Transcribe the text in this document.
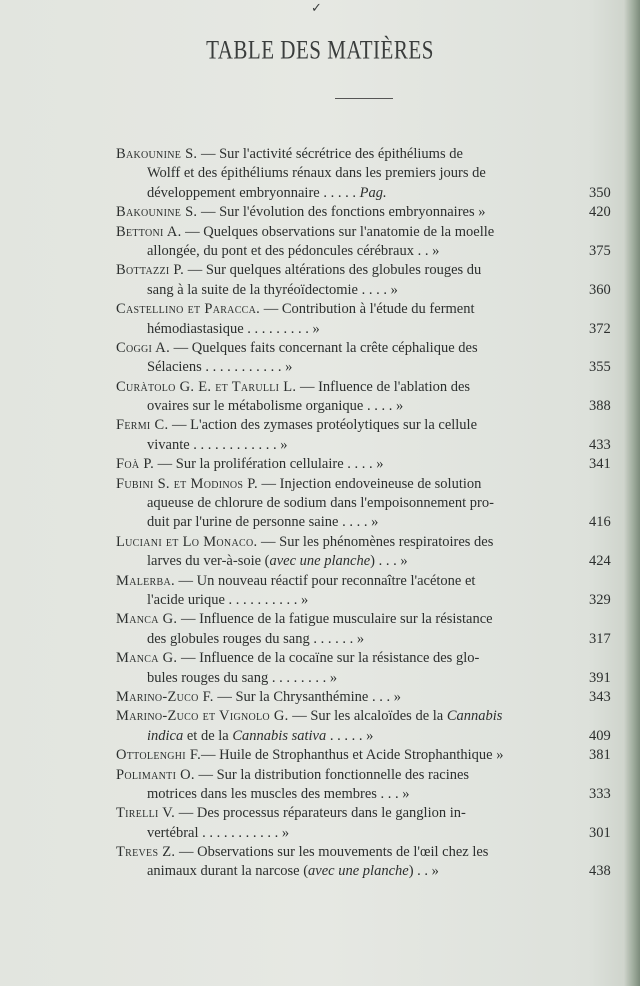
✓
TABLE DES MATIÈRES
Bakounine S. — Sur l'activité sécrétrice des épithéliums de
Wolff et des épithéliums rénaux dans les premiers jours de
développement embryonnaire . . . . . Pag.	350
Bakounine S. — Sur l'évolution des fonctions embryonnaires »	420
Bettoni A. — Quelques observations sur l'anatomie de la moelle
allongée, du pont et des pédoncules cérébraux . . »	375
Bottazzi P. — Sur quelques altérations des globules rouges du
sang à la suite de la thyréoïdectomie . . . . »	360
Castellino et Paracca. — Contribution à l'étude du ferment
hémodiastasique . . . . . . . . . »	372
Coggi A. — Quelques faits concernant la crête céphalique des
Sélaciens . . . . . . . . . . . »	355
Curàtolo G. E. et Tarulli L. — Influence de l'ablation des
ovaires sur le métabolisme organique . . . . »	388
Fermi C. — L'action des zymases protéolytiques sur la cellule
vivante . . . . . . . . . . . . »	433
Foà P. — Sur la prolifération cellulaire . . . . »	341
Fubini S. et Modinos P. — Injection endoveineuse de solution
aqueuse de chlorure de sodium dans l'empoisonnement pro-
duit par l'urine de personne saine . . . . »	416
Luciani et Lo Monaco. — Sur les phénomènes respiratoires des
larves du ver-à-soie (avec une planche) . . . »	424
Malerba. — Un nouveau réactif pour reconnaître l'acétone et
l'acide urique . . . . . . . . . . »	329
Manca G. — Influence de la fatigue musculaire sur la résistance
des globules rouges du sang . . . . . . »	317
Manca G. — Influence de la cocaïne sur la résistance des glo-
bules rouges du sang . . . . . . . . »	391
Marino-Zuco F. — Sur la Chrysanthémine . . . »	343
Marino-Zuco et Vignolo G. — Sur les alcaloïdes de la Cannabis
indica et de la Cannabis sativa . . . . . »	409
Ottolenghi F.— Huile de Strophanthus et Acide Strophanthique »	381
Polimanti O. — Sur la distribution fonctionnelle des racines
motrices dans les muscles des membres . . . »	333
Tirelli V. — Des processus réparateurs dans le ganglion in-
vertébral . . . . . . . . . . . »	301
Treves Z. — Observations sur les mouvements de l'œil chez les
animaux durant la narcose (avec une planche) . . »	438
